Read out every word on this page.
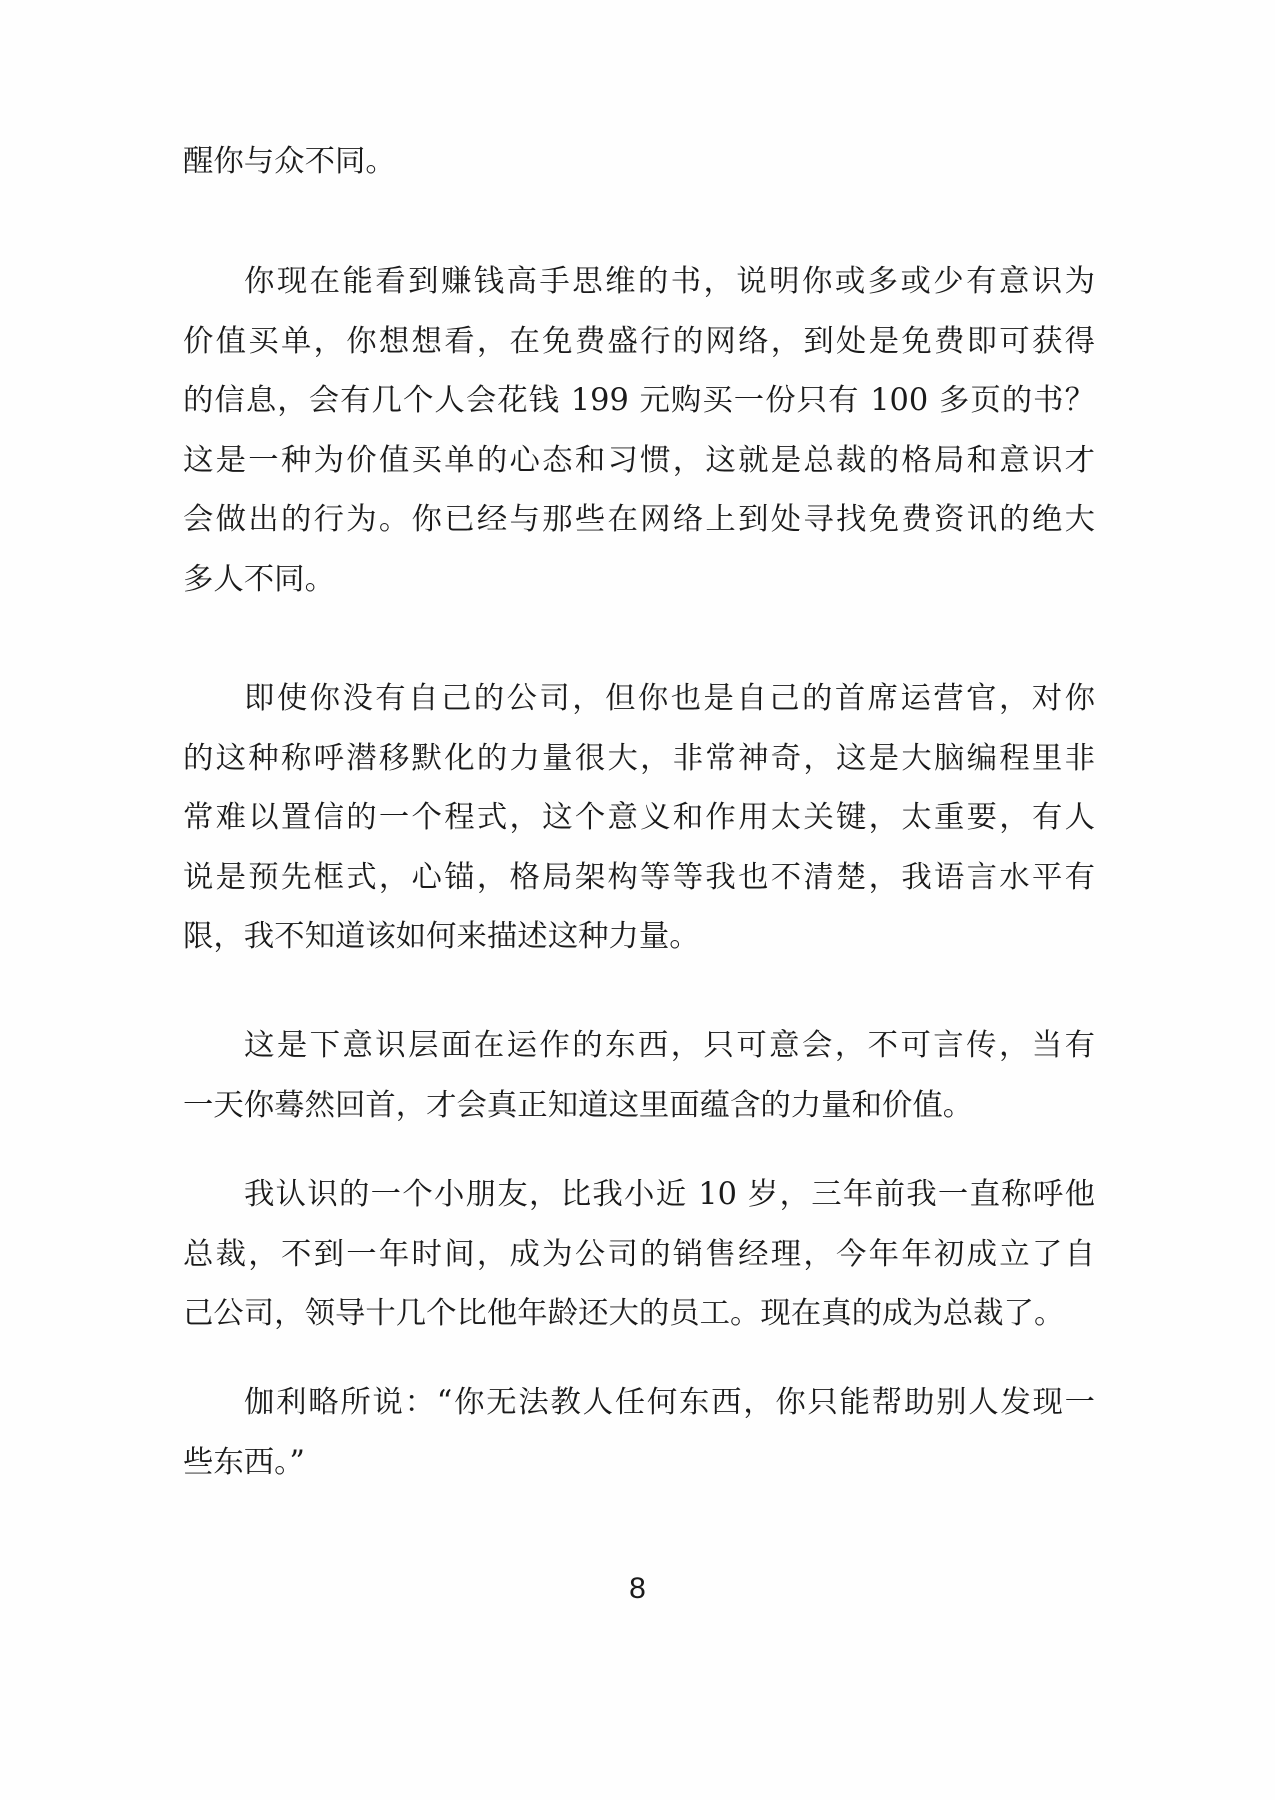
醒你与众不同。
你现在能看到赚钱高手思维的书，说明你或多或少有意识为
价值买单，你想想看，在免费盛行的网络，到处是免费即可获得
的信息，会有几个人会花钱 199 元购买一份只有 100 多页的书？
这是一种为价值买单的心态和习惯，这就是总裁的格局和意识才
会做出的行为。你已经与那些在网络上到处寻找免费资讯的绝大
多人不同。
即使你没有自己的公司，但你也是自己的首席运营官，对你
的这种称呼潜移默化的力量很大，非常神奇，这是大脑编程里非
常难以置信的一个程式，这个意义和作用太关键，太重要，有人
说是预先框式，心锚，格局架构等等我也不清楚，我语言水平有
限，我不知道该如何来描述这种力量。
这是下意识层面在运作的东西，只可意会，不可言传，当有
一天你蓦然回首，才会真正知道这里面蕴含的力量和价值。
我认识的一个小朋友，比我小近 10 岁，三年前我一直称呼他
总裁，不到一年时间，成为公司的销售经理，今年年初成立了自
己公司，领导十几个比他年龄还大的员工。现在真的成为总裁了。
伽利略所说：“你无法教人任何东西，你只能帮助别人发现一
些东西。”
8
